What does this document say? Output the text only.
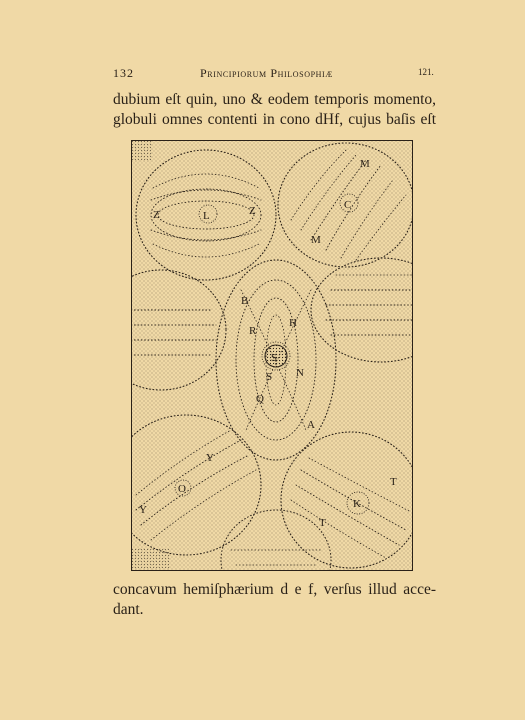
132	Principiorum Philosophiæ	121.
dubium eſt quin, uno & eodem temporis momento,
globuli omnes contenti in cono dHf, cujus baſis eſt
M
C
Z	L	Z
M
B
R
H
S
S N
Q
A
Y
O
Y	K
T
T
concavum hemiſphærium d e f, verſus illud acce-
dant.
